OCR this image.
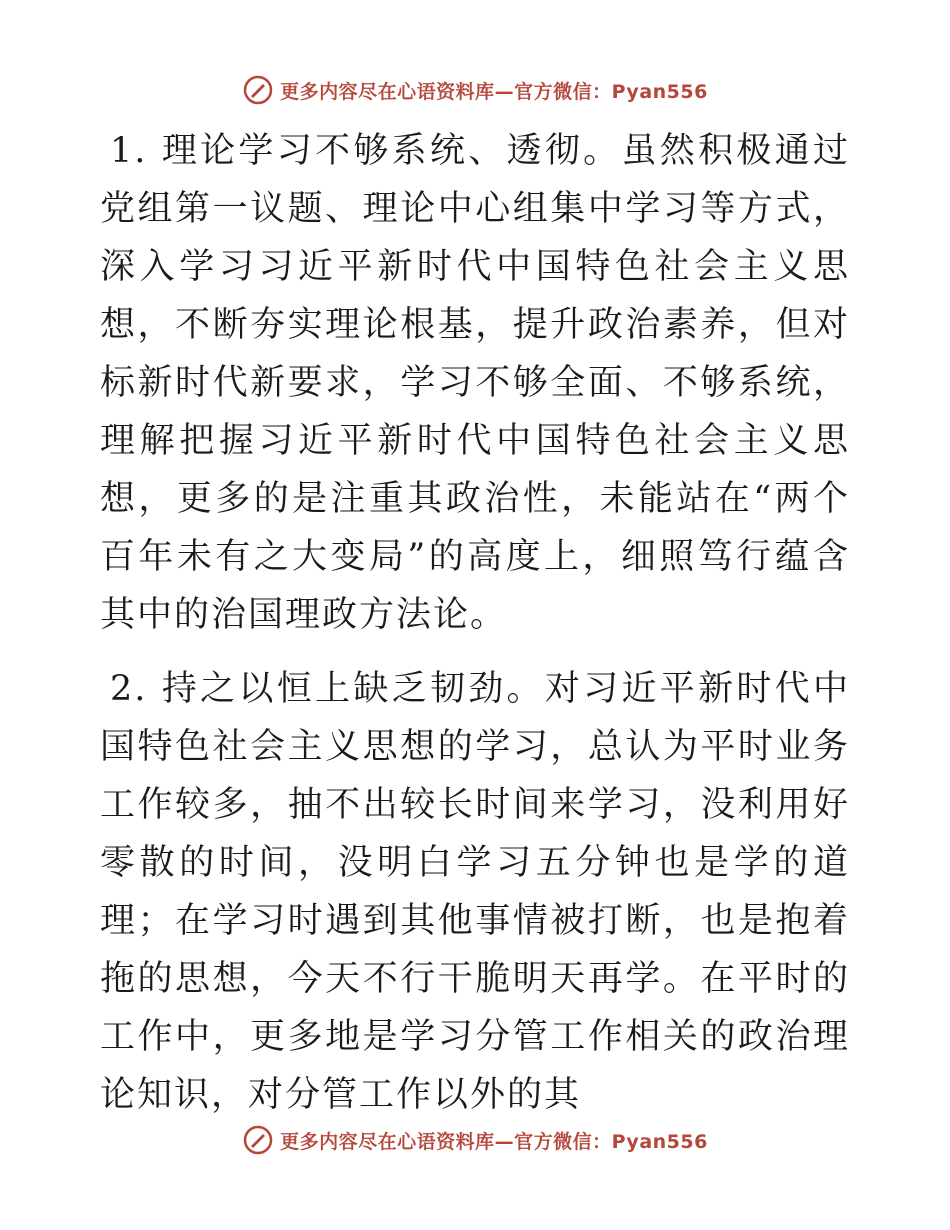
更多内容尽在心语资料库—官方微信：Pyan556

1. 理论学习不够系统、透彻。虽然积极通过党组第一议题、理论中心组集中学习等方式，深入学习习近平新时代中国特色社会主义思想，不断夯实理论根基，提升政治素养，但对标新时代新要求，学习不够全面、不够系统，理解把握习近平新时代中国特色社会主义思想，更多的是注重其政治性，未能站在“两个百年未有之大变局”的高度上，细照笃行蕴含其中的治国理政方法论。

2. 持之以恒上缺乏韧劲。对习近平新时代中国特色社会主义思想的学习，总认为平时业务工作较多，抽不出较长时间来学习，没利用好零散的时间，没明白学习五分钟也是学的道理；在学习时遇到其他事情被打断，也是抱着拖的思想，今天不行干脆明天再学。在平时的工作中，更多地是学习分管工作相关的政治理论知识，对分管工作以外的其

更多内容尽在心语资料库—官方微信：Pyan556
